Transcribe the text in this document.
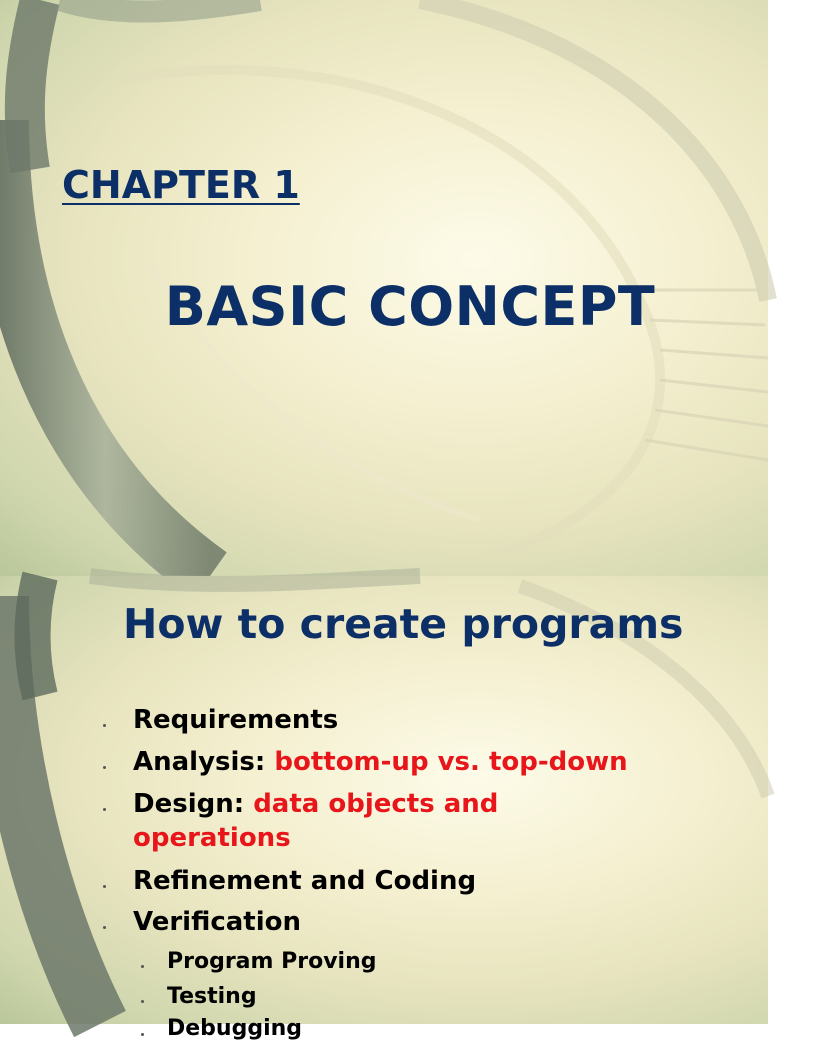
CHAPTER 1
BASIC CONCEPT
How to create programs
Requirements
Analysis: bottom-up vs. top-down
Design: data objects and
operations
Refinement and Coding
Verification
Program Proving
Testing
Debugging
